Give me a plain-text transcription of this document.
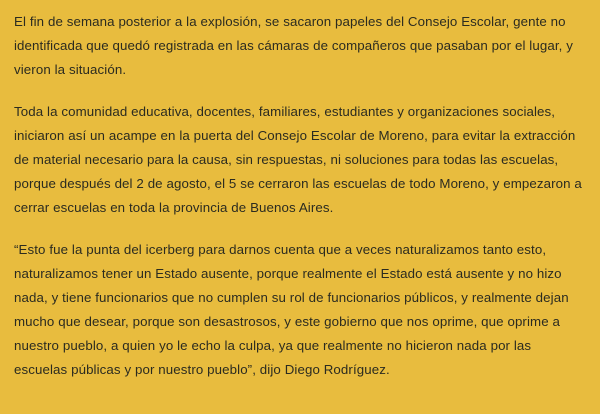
El fin de semana posterior a la explosión, se sacaron papeles del Consejo Escolar, gente no identificada que quedó registrada en las cámaras de compañeros que pasaban por el lugar, y vieron la situación.

Toda la comunidad educativa, docentes, familiares, estudiantes y organizaciones sociales, iniciaron así un acampe en la puerta del Consejo Escolar de Moreno, para evitar la extracción de material necesario para la causa, sin respuestas, ni soluciones para todas las escuelas, porque después del 2 de agosto, el 5 se cerraron las escuelas de todo Moreno, y empezaron a cerrar escuelas en toda la provincia de Buenos Aires.

“Esto fue la punta del icerberg para darnos cuenta que a veces naturalizamos tanto esto, naturalizamos tener un Estado ausente, porque realmente el Estado está ausente y no hizo nada, y tiene funcionarios que no cumplen su rol de funcionarios públicos, y realmente dejan mucho que desear, porque son desastrosos, y este gobierno que nos oprime, que oprime a nuestro pueblo, a quien yo le echo la culpa, ya que realmente no hicieron nada por las escuelas públicas y por nuestro pueblo”, dijo Diego Rodríguez.
